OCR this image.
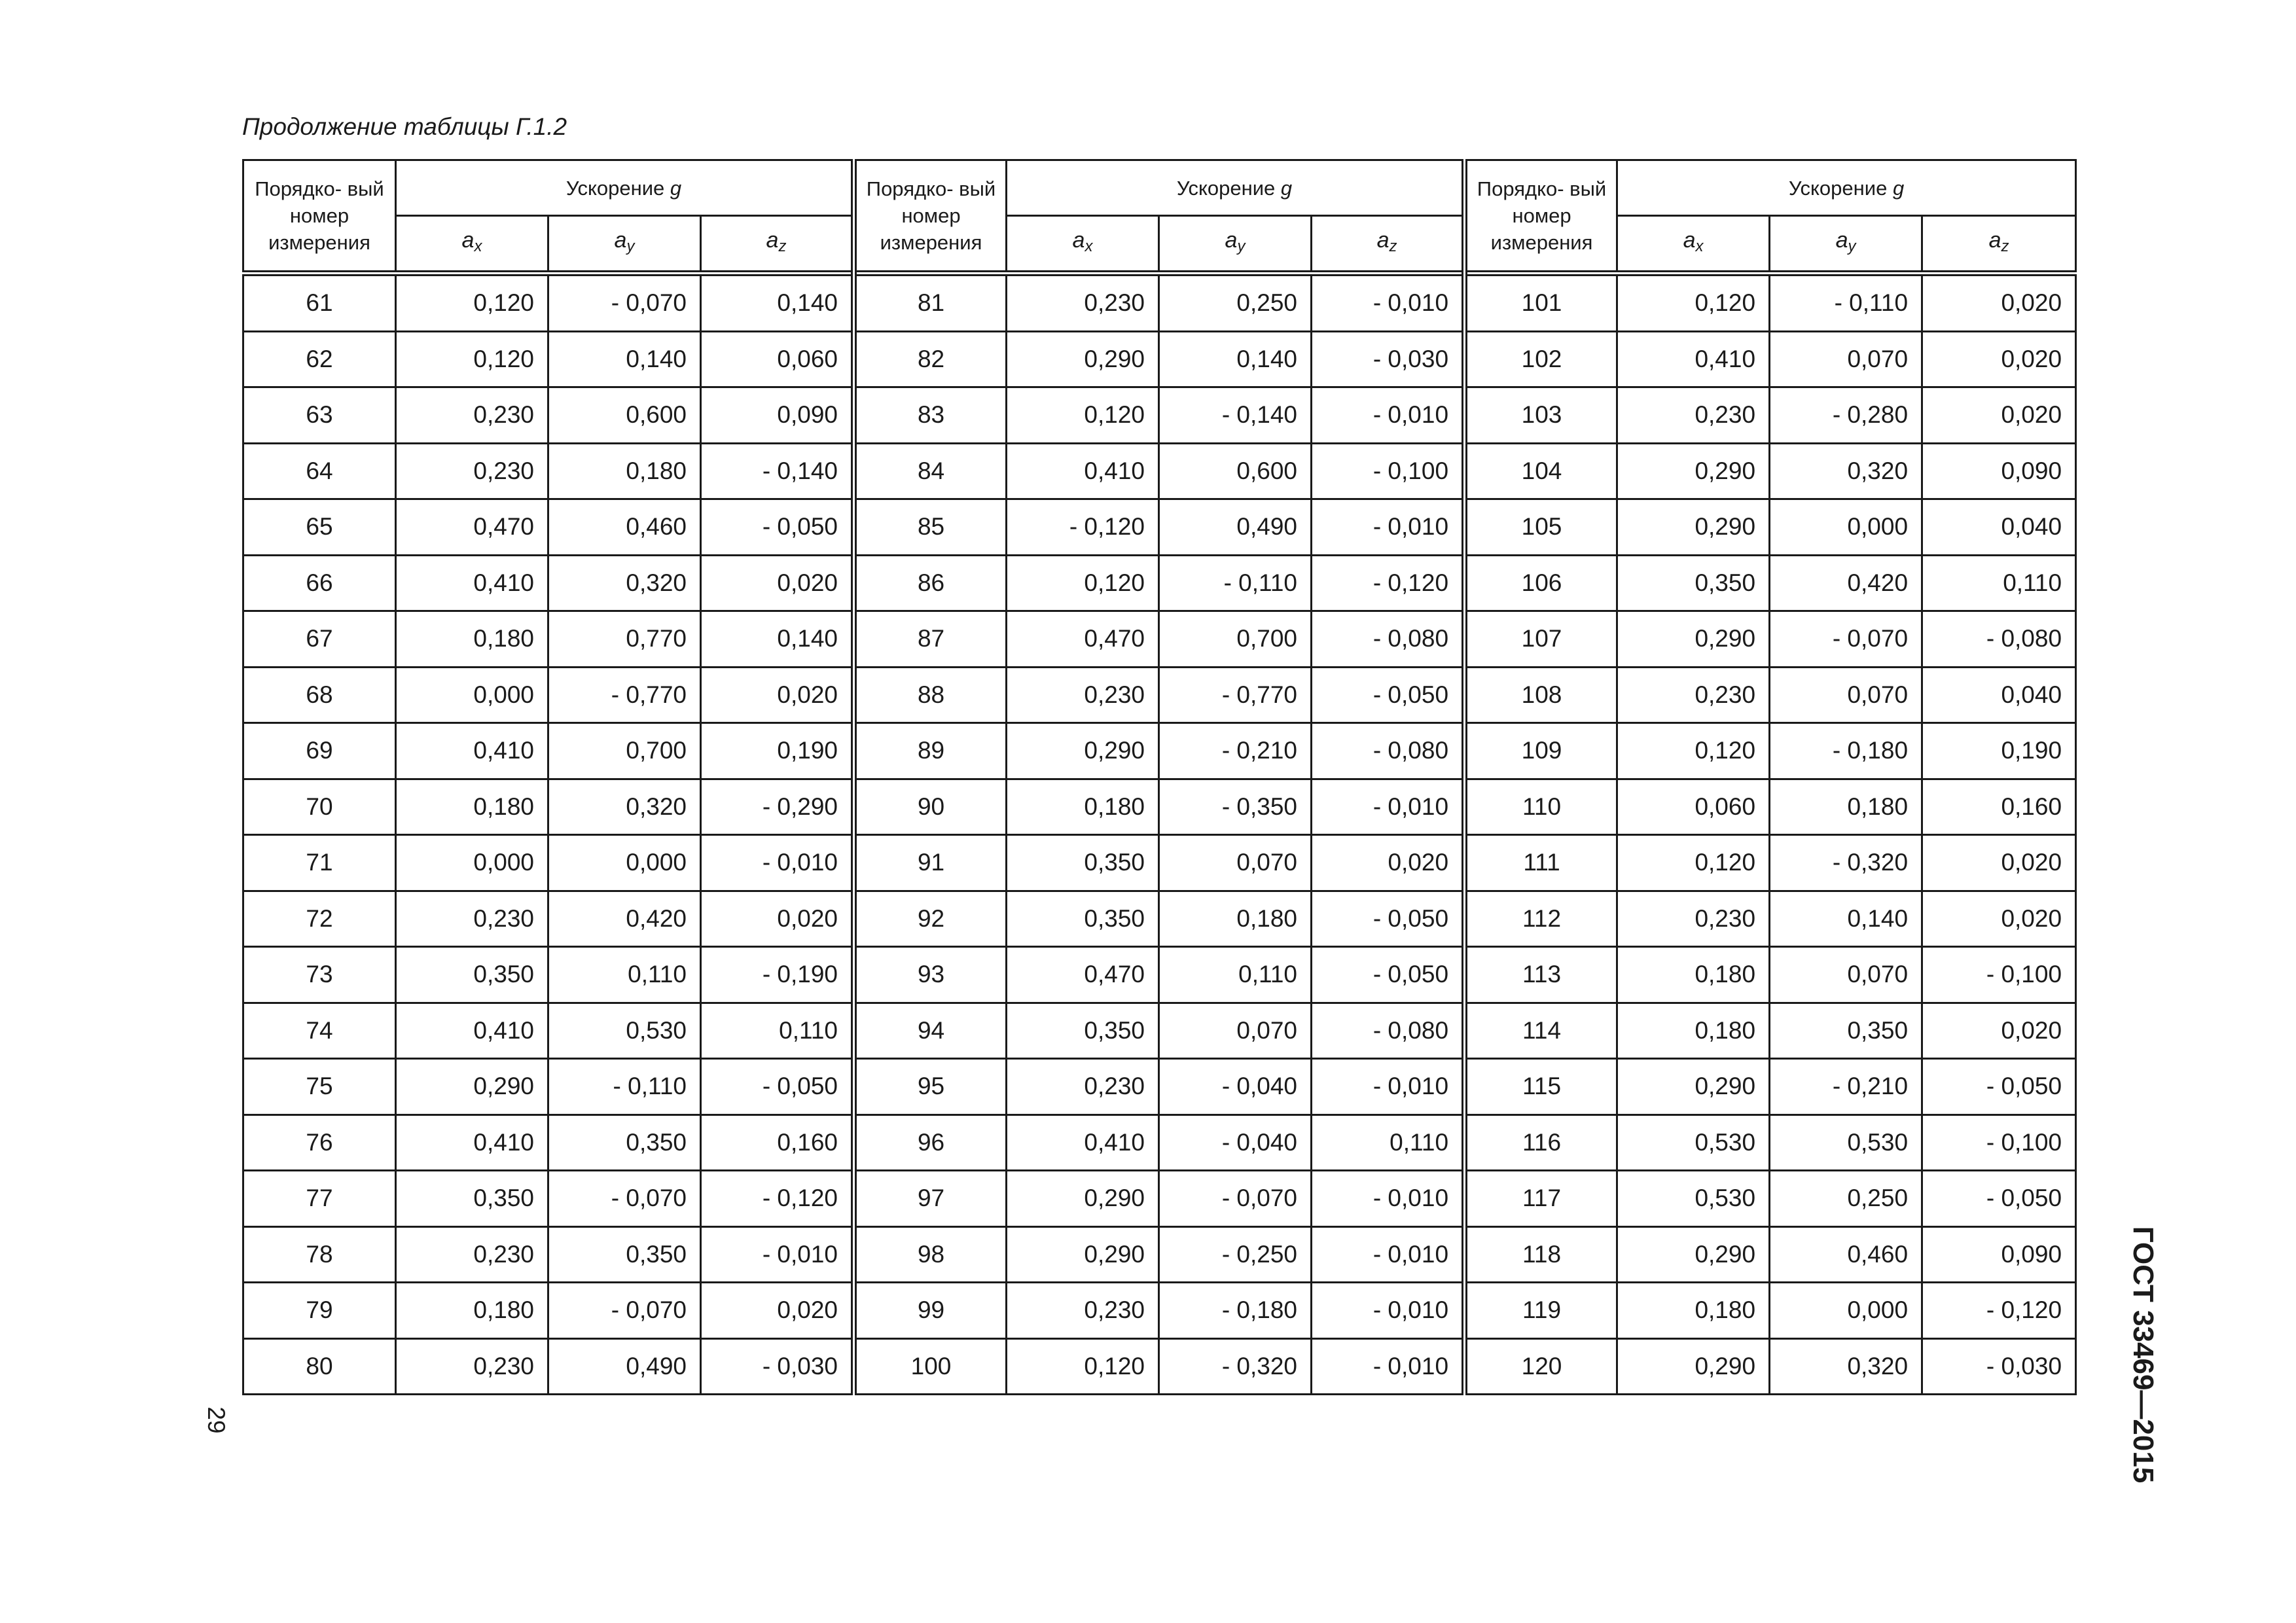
Продолжение таблицы Г.1.2
Порядко- вый номер измерения	Ускорение g			Порядко- вый номер измерения	Ускорение g			Порядко- вый номер измерения	Ускорение g		
	$a_x$	$a_y$	$a_z$		$a_x$	$a_y$	$a_z$		$a_x$	$a_y$	$a_z$
61	0,120	- 0,070	0,140	81	0,230	0,250	- 0,010	101	0,120	- 0,110	0,020
62	0,120	0,140	0,060	82	0,290	0,140	- 0,030	102	0,410	0,070	0,020
63	0,230	0,600	0,090	83	0,120	- 0,140	- 0,010	103	0,230	- 0,280	0,020
64	0,230	0,180	- 0,140	84	0,410	0,600	- 0,100	104	0,290	0,320	0,090
65	0,470	0,460	- 0,050	85	- 0,120	0,490	- 0,010	105	0,290	0,000	0,040
66	0,410	0,320	0,020	86	0,120	- 0,110	- 0,120	106	0,350	0,420	0,110
67	0,180	0,770	0,140	87	0,470	0,700	- 0,080	107	0,290	- 0,070	- 0,080
68	0,000	- 0,770	0,020	88	0,230	- 0,770	- 0,050	108	0,230	0,070	0,040
69	0,410	0,700	0,190	89	0,290	- 0,210	- 0,080	109	0,120	- 0,180	0,190
70	0,180	0,320	- 0,290	90	0,180	- 0,350	- 0,010	110	0,060	0,180	0,160
71	0,000	0,000	- 0,010	91	0,350	0,070	0,020	111	0,120	- 0,320	0,020
72	0,230	0,420	0,020	92	0,350	0,180	- 0,050	112	0,230	0,140	0,020
73	0,350	0,110	- 0,190	93	0,470	0,110	- 0,050	113	0,180	0,070	- 0,100
74	0,410	0,530	0,110	94	0,350	0,070	- 0,080	114	0,180	0,350	0,020
75	0,290	- 0,110	- 0,050	95	0,230	- 0,040	- 0,010	115	0,290	- 0,210	- 0,050
76	0,410	0,350	0,160	96	0,410	- 0,040	0,110	116	0,530	0,530	- 0,100
77	0,350	- 0,070	- 0,120	97	0,290	- 0,070	- 0,010	117	0,530	0,250	- 0,050
78	0,230	0,350	- 0,010	98	0,290	- 0,250	- 0,010	118	0,290	0,460	0,090
79	0,180	- 0,070	0,020	99	0,230	- 0,180	- 0,010	119	0,180	0,000	- 0,120
80	0,230	0,490	- 0,030	100	0,120	- 0,320	- 0,010	120	0,290	0,320	- 0,030 ГОСТ 33469—2015
29
